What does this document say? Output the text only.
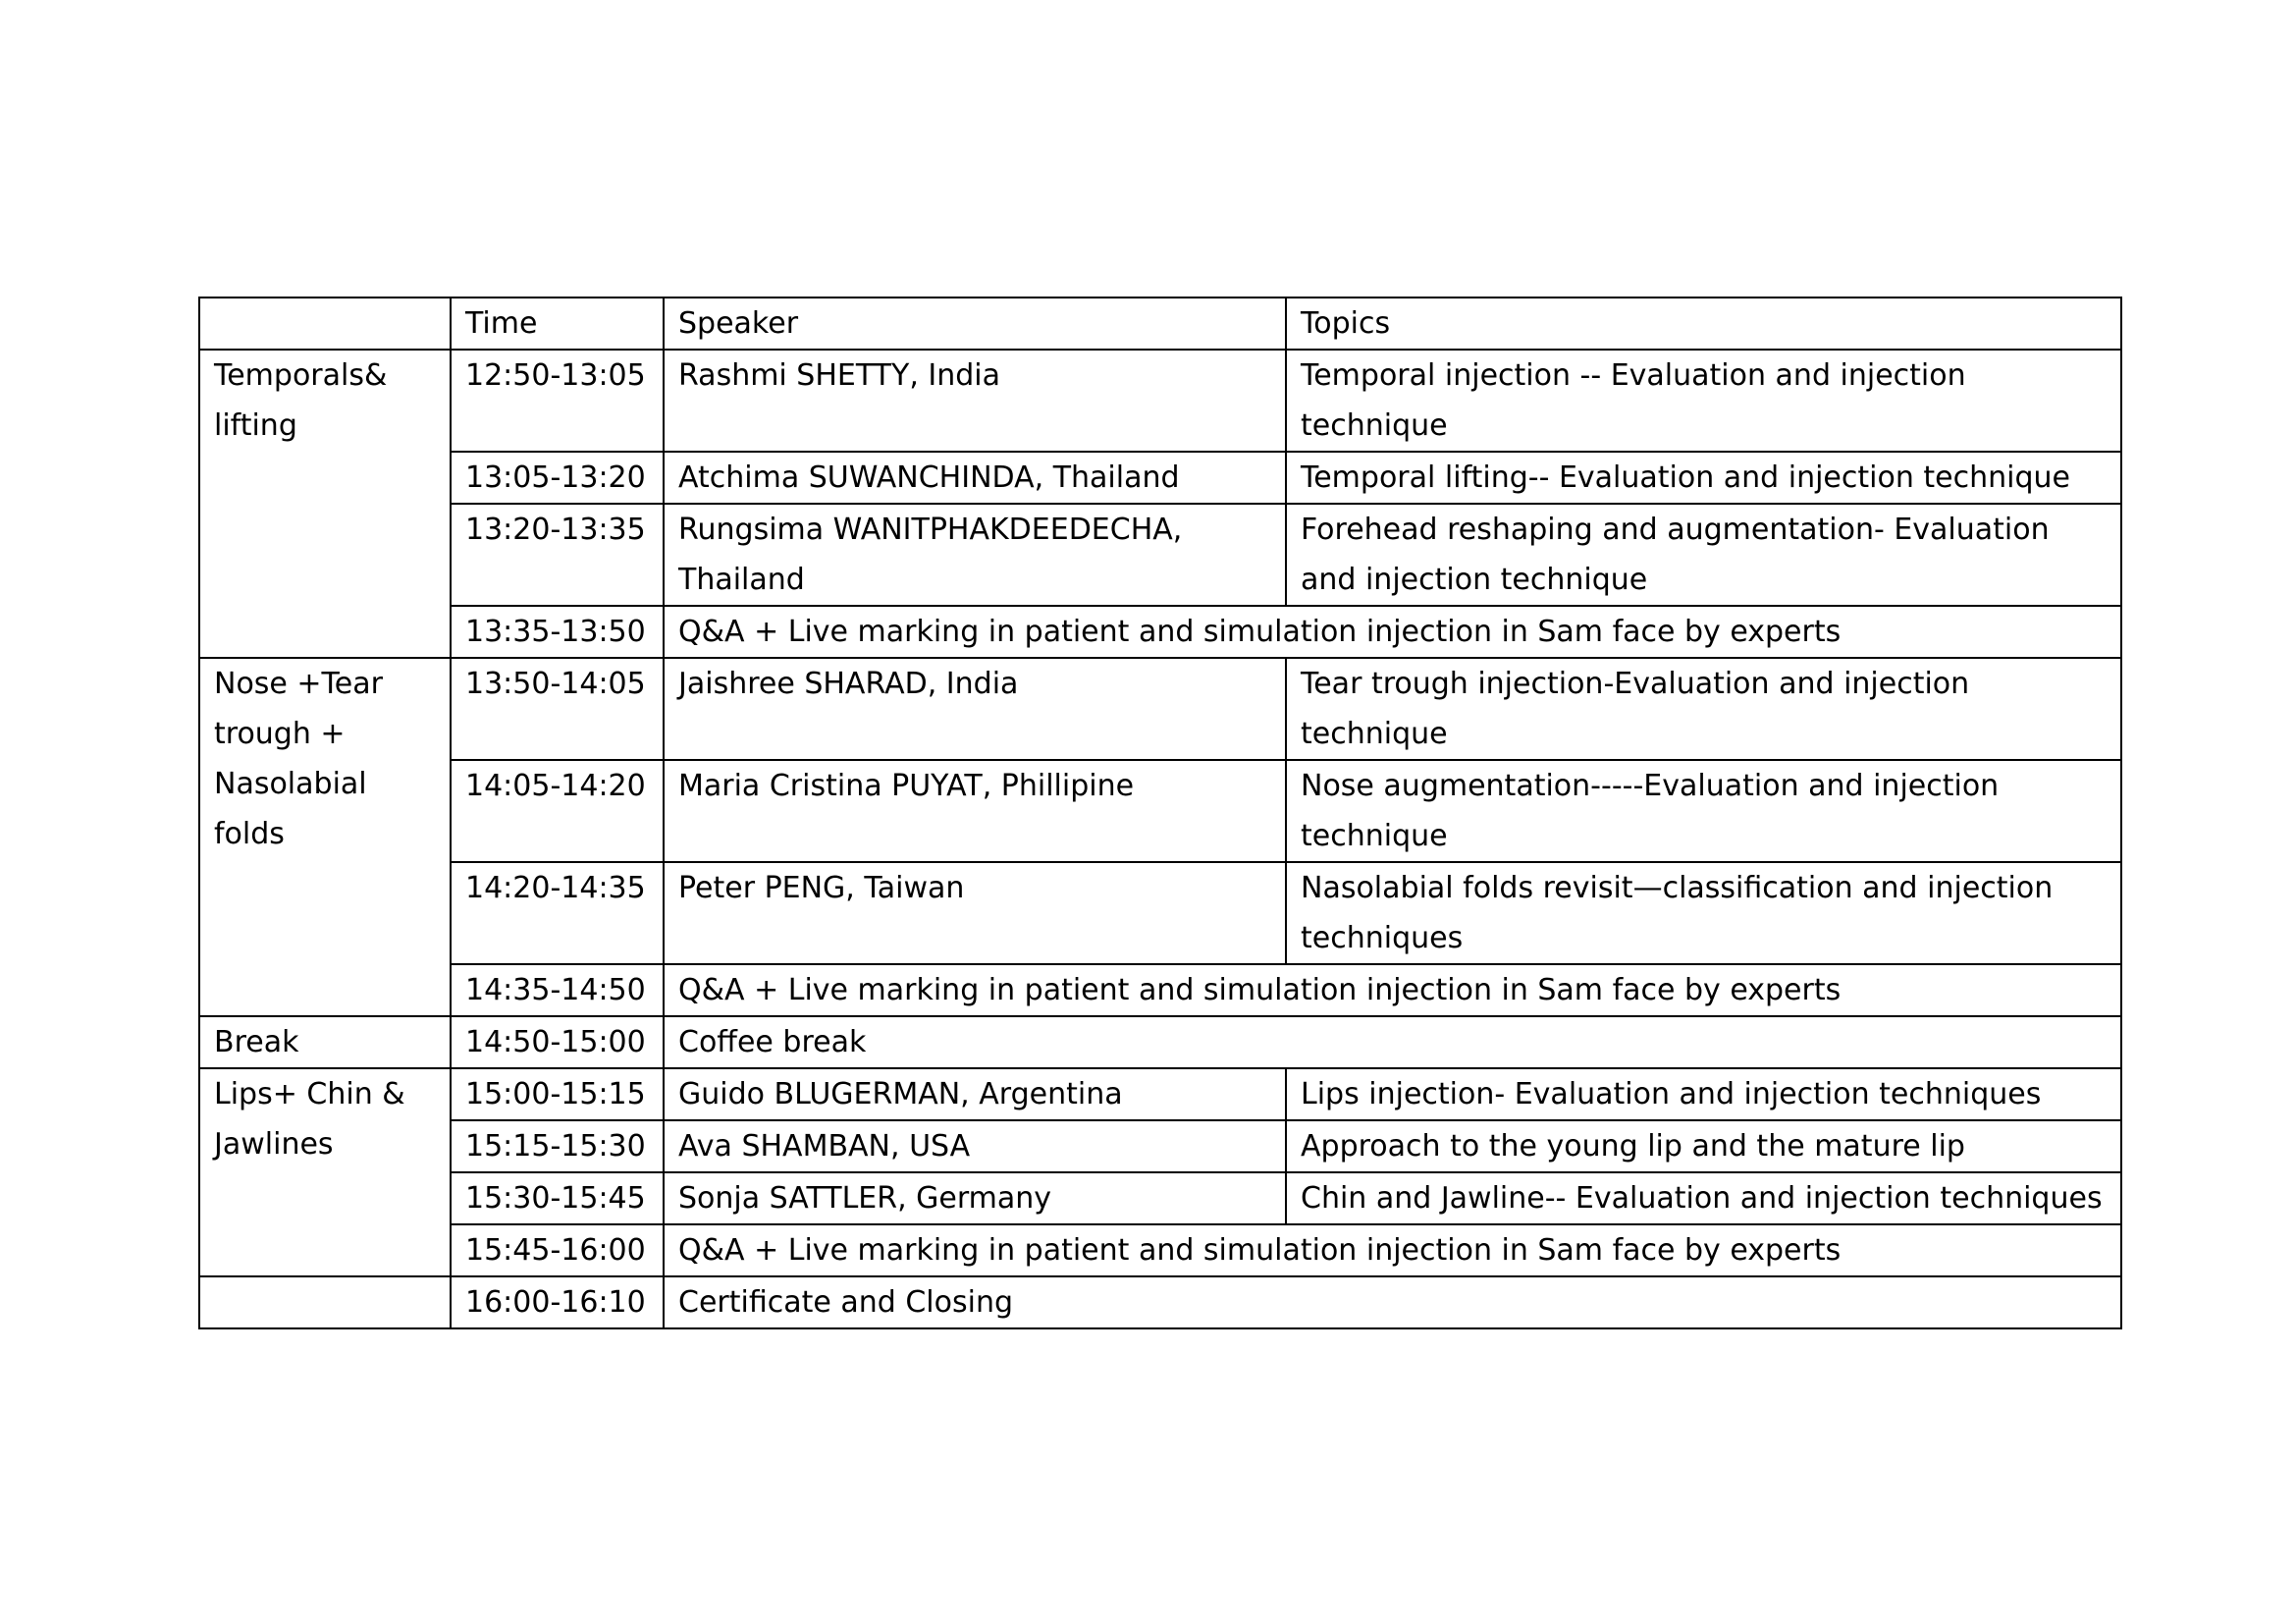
	Time	Speaker	Topics
Temporals& lifting	12:50-13:05	Rashmi SHETTY, India	Temporal injection -- Evaluation and injection technique
	13:05-13:20	Atchima SUWANCHINDA, Thailand	Temporal lifting-- Evaluation and injection technique
	13:20-13:35	Rungsima WANITPHAKDEEDECHA, Thailand	Forehead reshaping and augmentation- Evaluation and injection technique
	13:35-13:50	Q&A + Live marking in patient and simulation injection in Sam face by experts	
Nose +Tear trough + Nasolabial folds	13:50-14:05	Jaishree SHARAD, India	Tear trough injection-Evaluation and injection technique
	14:05-14:20	Maria Cristina PUYAT, Phillipine	Nose augmentation-----Evaluation and injection technique
	14:20-14:35	Peter PENG, Taiwan	Nasolabial folds revisit—classification and injection techniques
	14:35-14:50	Q&A + Live marking in patient and simulation injection in Sam face by experts	
Break	14:50-15:00	Coffee break	
Lips+ Chin & Jawlines	15:00-15:15	Guido BLUGERMAN, Argentina	Lips injection- Evaluation and injection techniques
	15:15-15:30	Ava SHAMBAN, USA	Approach to the young lip and the mature lip
	15:30-15:45	Sonja SATTLER, Germany	Chin and Jawline-- Evaluation and injection techniques
	15:45-16:00	Q&A + Live marking in patient and simulation injection in Sam face by experts	
	16:00-16:10	Certificate and Closing	
